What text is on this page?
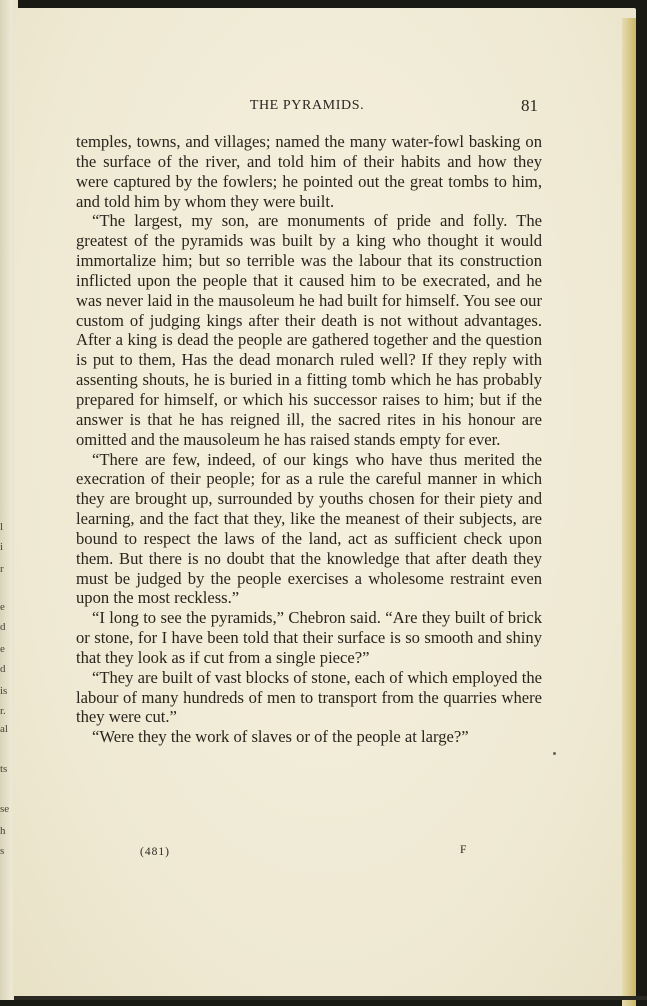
l
i
r
e
d
e
d
is
r.
al
ts
se
h
s
THE PYRAMIDS.	81

temples, towns, and villages; named the many water-fowl basking on the surface of the river, and told him of their habits and how they were captured by the fowlers; he pointed out the great tombs to him, and told him by whom they were built.

“The largest, my son, are monuments of pride and folly. The greatest of the pyramids was built by a king who thought it would immortalize him; but so terrible was the labour that its construction inflicted upon the people that it caused him to be execrated, and he was never laid in the mausoleum he had built for himself. You see our custom of judging kings after their death is not without advantages. After a king is dead the people are gathered together and the question is put to them, Has the dead monarch ruled well? If they reply with assenting shouts, he is buried in a fitting tomb which he has probably prepared for himself, or which his successor raises to him; but if the answer is that he has reigned ill, the sacred rites in his honour are omitted and the mausoleum he has raised stands empty for ever.

“There are few, indeed, of our kings who have thus merited the execration of their people; for as a rule the careful manner in which they are brought up, surrounded by youths chosen for their piety and learning, and the fact that they, like the meanest of their subjects, are bound to respect the laws of the land, act as sufficient check upon them. But there is no doubt that the knowledge that after death they must be judged by the people exercises a wholesome restraint even upon the most reckless.”

“I long to see the pyramids,” Chebron said. “Are they built of brick or stone, for I have been told that their surface is so smooth and shiny that they look as if cut from a single piece?”

“They are built of vast blocks of stone, each of which employed the labour of many hundreds of men to transport from the quarries where they were cut.”

“Were they the work of slaves or of the people at large?”

(481)	F
